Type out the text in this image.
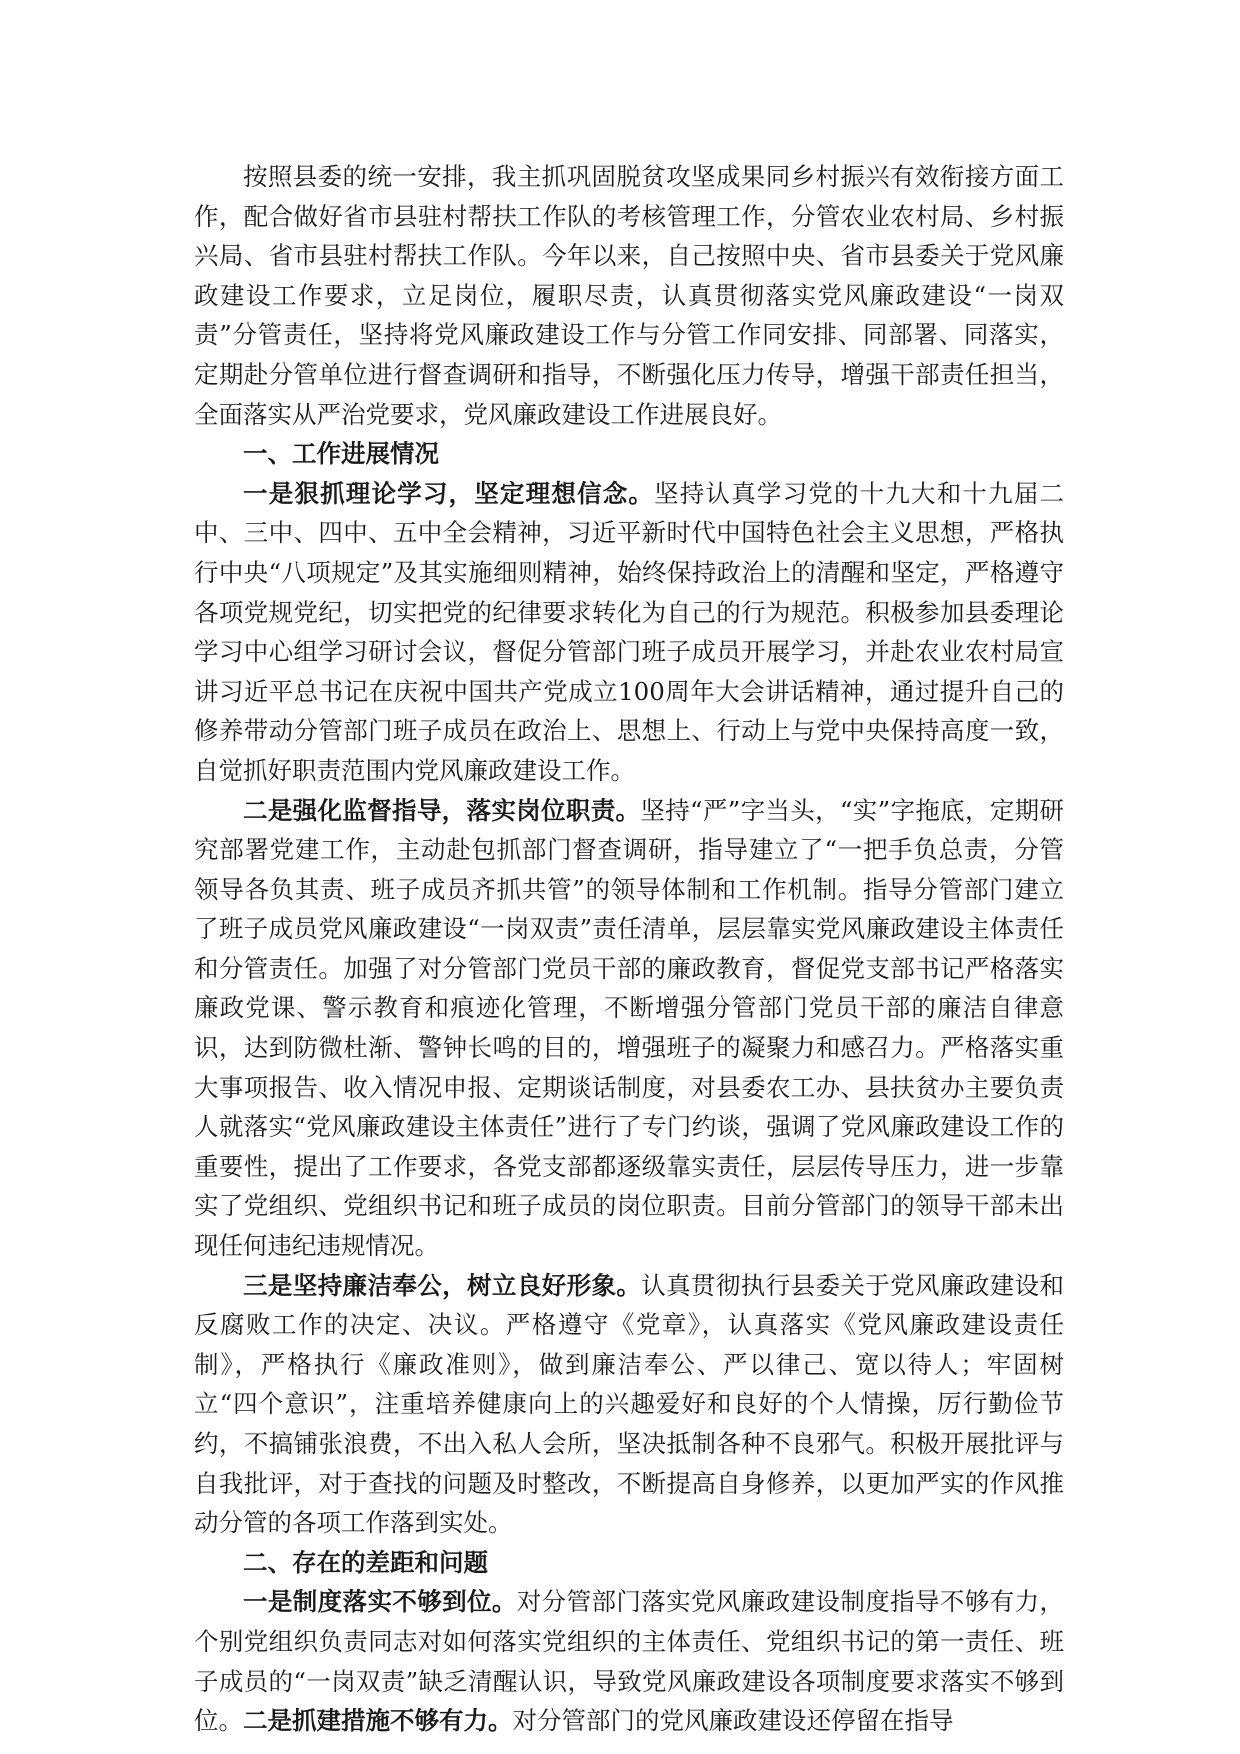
按照县委的统一安排，我主抓巩固脱贫攻坚成果同乡村振兴有效衔接方面工作，配合做好省市县驻村帮扶工作队的考核管理工作，分管农业农村局、乡村振兴局、省市县驻村帮扶工作队。今年以来，自己按照中央、省市县委关于党风廉政建设工作要求，立足岗位，履职尽责，认真贯彻落实党风廉政建设“一岗双责”分管责任，坚持将党风廉政建设工作与分管工作同安排、同部署、同落实，定期赴分管单位进行督查调研和指导，不断强化压力传导，增强干部责任担当，全面落实从严治党要求，党风廉政建设工作进展良好。

一、工作进展情况

一是狠抓理论学习，坚定理想信念。坚持认真学习党的十九大和十九届二中、三中、四中、五中全会精神，习近平新时代中国特色社会主义思想，严格执行中央“八项规定”及其实施细则精神，始终保持政治上的清醒和坚定，严格遵守各项党规党纪，切实把党的纪律要求转化为自己的行为规范。积极参加县委理论学习中心组学习研讨会议，督促分管部门班子成员开展学习，并赴农业农村局宣讲习近平总书记在庆祝中国共产党成立100周年大会讲话精神，通过提升自己的修养带动分管部门班子成员在政治上、思想上、行动上与党中央保持高度一致，自觉抓好职责范围内党风廉政建设工作。

二是强化监督指导，落实岗位职责。坚持“严”字当头，“实”字拖底，定期研究部署党建工作，主动赴包抓部门督查调研，指导建立了“一把手负总责，分管领导各负其责、班子成员齐抓共管”的领导体制和工作机制。指导分管部门建立了班子成员党风廉政建设“一岗双责”责任清单，层层靠实党风廉政建设主体责任和分管责任。加强了对分管部门党员干部的廉政教育，督促党支部书记严格落实廉政党课、警示教育和痕迹化管理，不断增强分管部门党员干部的廉洁自律意识，达到防微杜渐、警钟长鸣的目的，增强班子的凝聚力和感召力。严格落实重大事项报告、收入情况申报、定期谈话制度，对县委农工办、县扶贫办主要负责人就落实“党风廉政建设主体责任”进行了专门约谈，强调了党风廉政建设工作的重要性，提出了工作要求，各党支部都逐级靠实责任，层层传导压力，进一步靠实了党组织、党组织书记和班子成员的岗位职责。目前分管部门的领导干部未出现任何违纪违规情况。

三是坚持廉洁奉公，树立良好形象。认真贯彻执行县委关于党风廉政建设和反腐败工作的决定、决议。严格遵守《党章》，认真落实《党风廉政建设责任制》，严格执行《廉政准则》，做到廉洁奉公、严以律己、宽以待人；牢固树立“四个意识”，注重培养健康向上的兴趣爱好和良好的个人情操，厉行勤俭节约，不搞铺张浪费，不出入私人会所，坚决抵制各种不良邪气。积极开展批评与自我批评，对于查找的问题及时整改，不断提高自身修养，以更加严实的作风推动分管的各项工作落到实处。

二、存在的差距和问题

一是制度落实不够到位。对分管部门落实党风廉政建设制度指导不够有力，个别党组织负责同志对如何落实党组织的主体责任、党组织书记的第一责任、班子成员的“一岗双责”缺乏清醒认识，导致党风廉政建设各项制度要求落实不够到位。二是抓建措施不够有力。对分管部门的党风廉政建设还停留在指导
